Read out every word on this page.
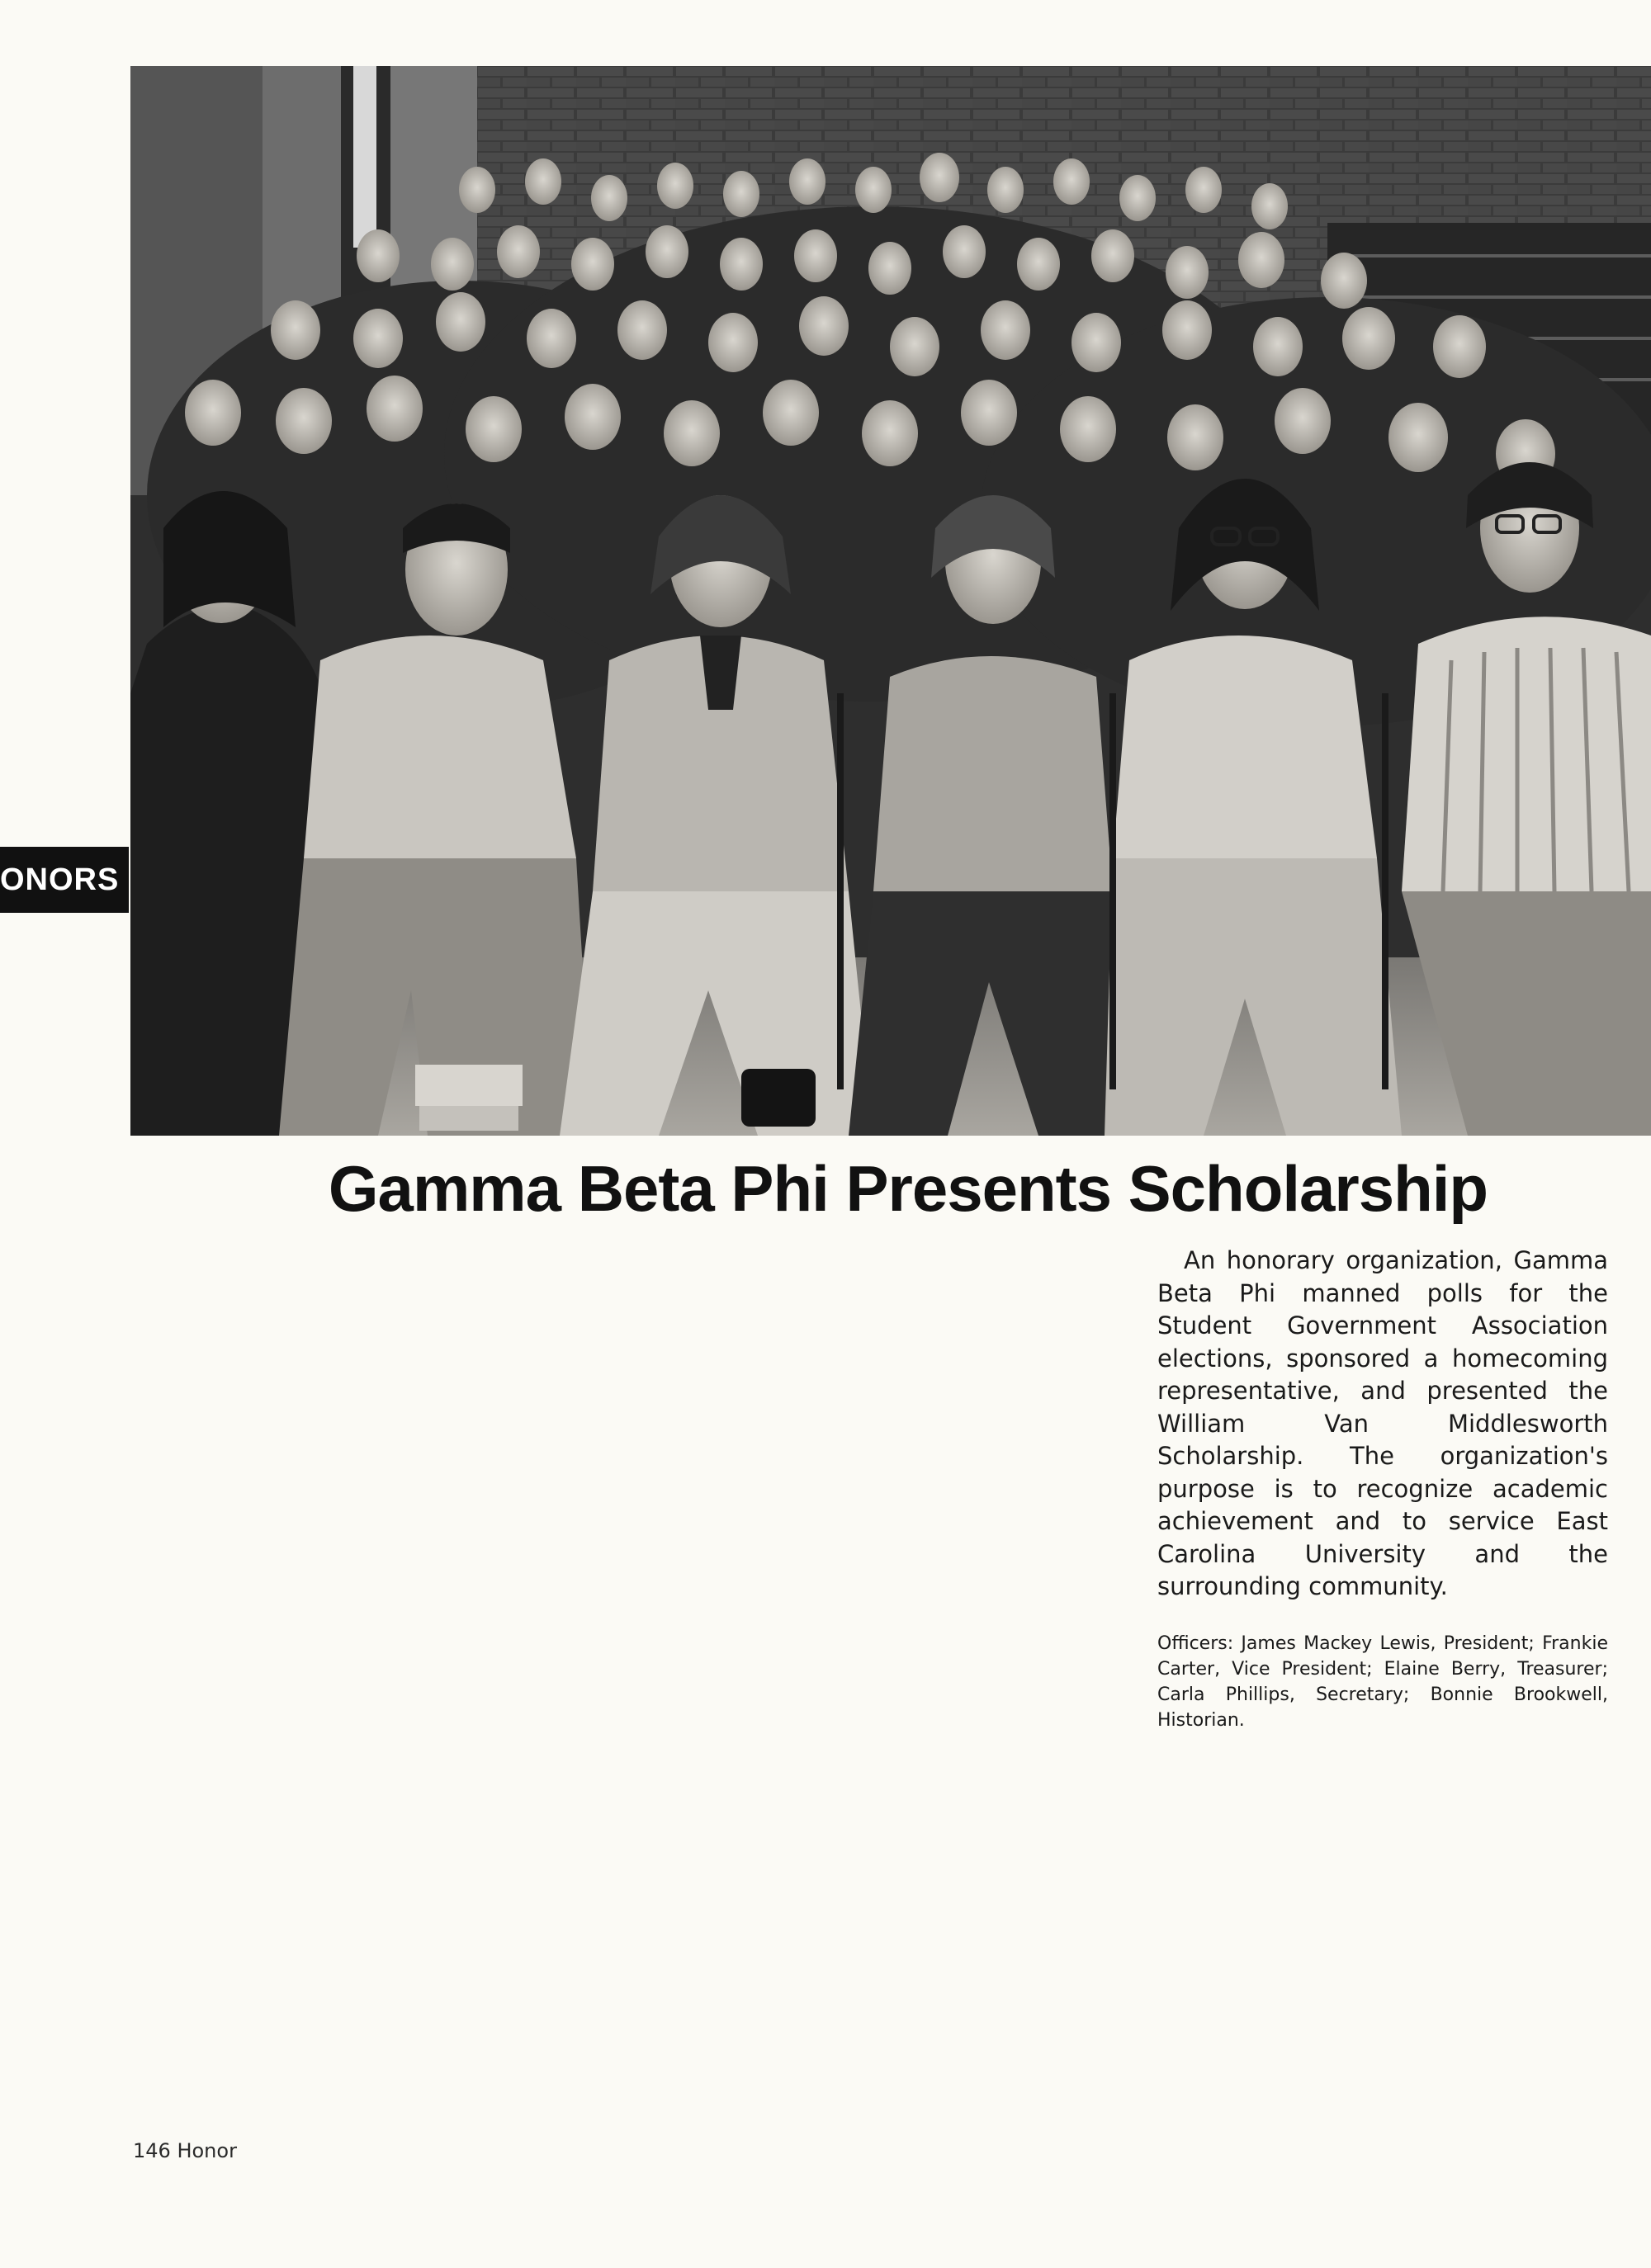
ONORS
Gamma Beta Phi Presents Scholarship

An honorary organization, Gamma Beta Phi manned polls for the Student Government Association elections, sponsored a homecoming representative, and presented the William Van Middlesworth Scholarship. The organization's purpose is to recognize academic achievement and to service East Carolina University and the surrounding community.

Officers: James Mackey Lewis, President; Frankie Carter, Vice President; Elaine Berry, Treasurer; Carla Phillips, Secretary; Bonnie Brookwell, Historian.

146 Honor
